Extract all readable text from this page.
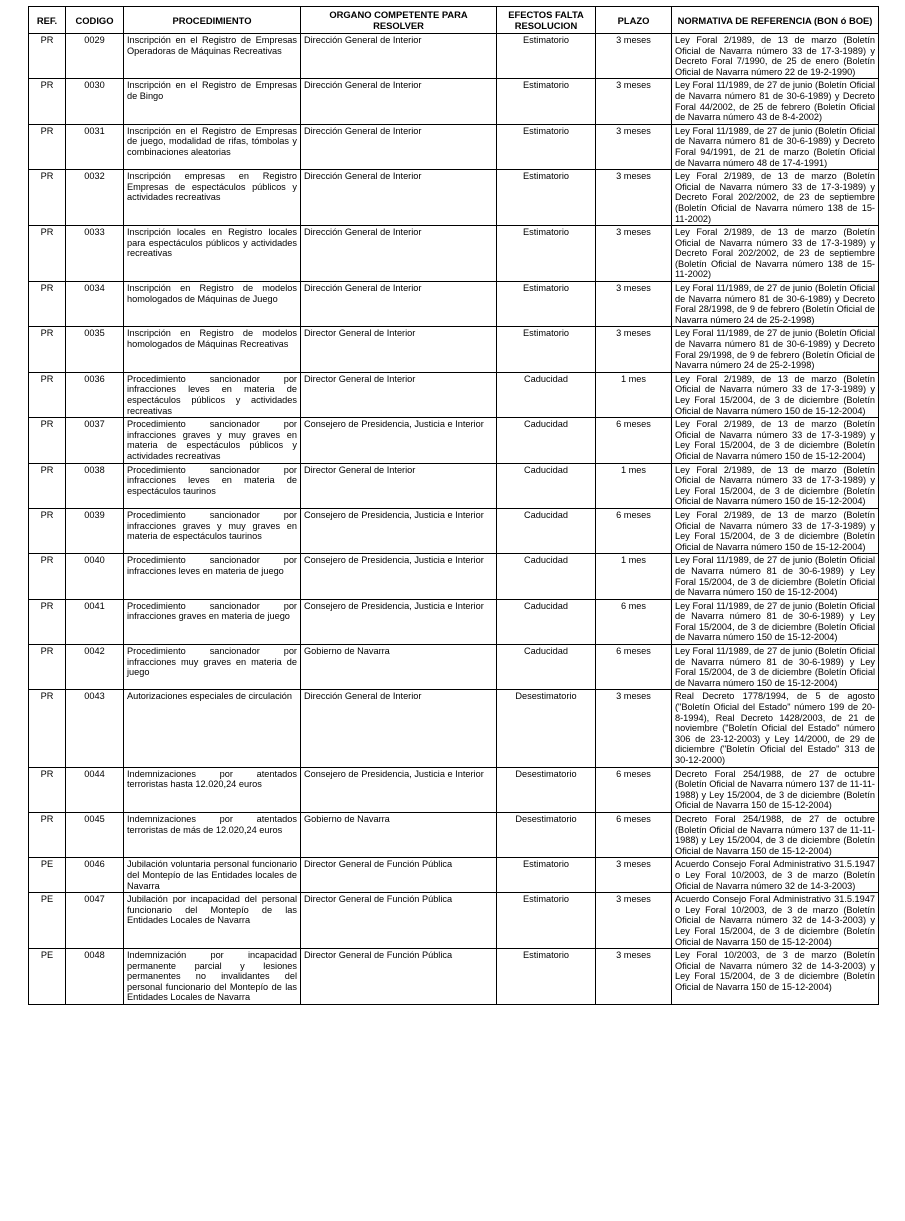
REF.	CODIGO	PROCEDIMIENTO	ORGANO COMPETENTE PARA RESOLVER	EFECTOS FALTA RESOLUCION	PLAZO	NORMATIVA DE REFERENCIA (BON ó BOE)
PR	0029	Inscripción en el Registro de Empresas Operadoras de Máquinas Recreativas	Dirección General de Interior	Estimatorio	3 meses	Ley Foral 2/1989, de 13 de marzo (Boletín Oficial de Navarra número 33 de 17-3-1989) y Decreto Foral 7/1990, de 25 de enero (Boletín Oficial de Navarra número 22 de 19-2-1990)
PR	0030	Inscripción en el Registro de Empresas de Bingo	Dirección General de Interior	Estimatorio	3 meses	Ley Foral 11/1989, de 27 de junio (Boletín Oficial de Navarra número 81 de 30-6-1989) y Decreto Foral 44/2002, de 25 de febrero (Boletín Oficial de Navarra número 43 de 8-4-2002)
PR	0031	Inscripción en el Registro de Empresas de juego, modalidad de rifas, tómbolas y combinaciones aleatorias	Dirección General de Interior	Estimatorio	3 meses	Ley Foral 11/1989, de 27 de junio (Boletín Oficial de Navarra número 81 de 30-6-1989) y Decreto Foral 94/1991, de 21 de marzo (Boletín Oficial de Navarra número 48 de 17-4-1991)
PR	0032	Inscripción empresas en Registro Empresas de espectáculos públicos y actividades recreativas	Dirección General de Interior	Estimatorio	3 meses	Ley Foral 2/1989, de 13 de marzo (Boletín Oficial de Navarra número 33 de 17-3-1989) y Decreto Foral 202/2002, de 23 de septiembre (Boletín Oficial de Navarra número 138 de 15-11-2002)
PR	0033	Inscripción locales en Registro locales para espectáculos públicos y actividades recreativas	Dirección General de Interior	Estimatorio	3 meses	Ley Foral 2/1989, de 13 de marzo (Boletín Oficial de Navarra número 33 de 17-3-1989) y Decreto Foral 202/2002, de 23 de septiembre (Boletín Oficial de Navarra número 138 de 15-11-2002)
PR	0034	Inscripción en Registro de modelos homologados de Máquinas de Juego	Dirección General de Interior	Estimatorio	3 meses	Ley Foral 11/1989, de 27 de junio (Boletín Oficial de Navarra número 81 de 30-6-1989) y Decreto Foral 28/1998, de 9 de febrero (Boletín Oficial de Navarra número 24 de 25-2-1998)
PR	0035	Inscripción en Registro de modelos homologados de Máquinas Recreativas	Director General de Interior	Estimatorio	3 meses	Ley Foral 11/1989, de 27 de junio (Boletín Oficial de Navarra número 81 de 30-6-1989) y Decreto Foral 29/1998, de 9 de febrero (Boletín Oficial de Navarra número 24 de 25-2-1998)
PR	0036	Procedimiento sancionador por infracciones leves en materia de espectáculos públicos y actividades recreativas	Director General de Interior	Caducidad	1 mes	Ley Foral 2/1989, de 13 de marzo (Boletín Oficial de Navarra número 33 de 17-3-1989) y Ley Foral 15/2004, de 3 de diciembre (Boletín Oficial de Navarra número 150 de 15-12-2004)
PR	0037	Procedimiento sancionador por infracciones graves y muy graves en materia de espectáculos públicos y actividades recreativas	Consejero de Presidencia, Justicia e Interior	Caducidad	6 meses	Ley Foral 2/1989, de 13 de marzo (Boletín Oficial de Navarra número 33 de 17-3-1989) y Ley Foral 15/2004, de 3 de diciembre (Boletín Oficial de Navarra número 150 de 15-12-2004)
PR	0038	Procedimiento sancionador por infracciones leves en materia de espectáculos taurinos	Director General de Interior	Caducidad	1 mes	Ley Foral 2/1989, de 13 de marzo (Boletín Oficial de Navarra número 33 de 17-3-1989) y Ley Foral 15/2004, de 3 de diciembre (Boletín Oficial de Navarra número 150 de 15-12-2004)
PR	0039	Procedimiento sancionador por infracciones graves y muy graves en materia de espectáculos taurinos	Consejero de Presidencia, Justicia e Interior	Caducidad	6 meses	Ley Foral 2/1989, de 13 de marzo (Boletín Oficial de Navarra número 33 de 17-3-1989) y Ley Foral 15/2004, de 3 de diciembre (Boletín Oficial de Navarra número 150 de 15-12-2004)
PR	0040	Procedimiento sancionador por infracciones leves en materia de juego	Consejero de Presidencia, Justicia e Interior	Caducidad	1 mes	Ley Foral 11/1989, de 27 de junio (Boletín Oficial de Navarra número 81 de 30-6-1989) y Ley Foral 15/2004, de 3 de diciembre (Boletín Oficial de Navarra número 150 de 15-12-2004)
PR	0041	Procedimiento sancionador por infracciones graves en materia de juego	Consejero de Presidencia, Justicia e Interior	Caducidad	6 mes	Ley Foral 11/1989, de 27 de junio (Boletín Oficial de Navarra número 81 de 30-6-1989) y Ley Foral 15/2004, de 3 de diciembre (Boletín Oficial de Navarra número 150 de 15-12-2004)
PR	0042	Procedimiento sancionador por infracciones muy graves en materia de juego	Gobierno de Navarra	Caducidad	6 meses	Ley Foral 11/1989, de 27 de junio (Boletín Oficial de Navarra número 81 de 30-6-1989) y Ley Foral 15/2004, de 3 de diciembre (Boletín Oficial de Navarra número 150 de 15-12-2004)
PR	0043	Autorizaciones especiales de circulación	Dirección General de Interior	Desestimatorio	3 meses	Real Decreto 1778/1994, de 5 de agosto ("Boletín Oficial del Estado" número 199 de 20-8-1994), Real Decreto 1428/2003, de 21 de noviembre ("Boletín Oficial del Estado" número 306 de 23-12-2003) y Ley 14/2000, de 29 de diciembre ("Boletín Oficial del Estado" 313 de 30-12-2000)
PR	0044	Indemnizaciones por atentados terroristas hasta 12.020,24 euros	Consejero de Presidencia, Justicia e Interior	Desestimatorio	6 meses	Decreto Foral 254/1988, de 27 de octubre (Boletín Oficial de Navarra número 137 de 11-11-1988) y Ley 15/2004, de 3 de diciembre (Boletín Oficial de Navarra 150 de 15-12-2004)
PR	0045	Indemnizaciones por atentados terroristas de más de 12.020,24 euros	Gobierno de Navarra	Desestimatorio	6 meses	Decreto Foral 254/1988, de 27 de octubre (Boletín Oficial de Navarra número 137 de 11-11-1988) y Ley 15/2004, de 3 de diciembre (Boletín Oficial de Navarra 150 de 15-12-2004)
PE	0046	Jubilación voluntaria personal funcionario del Montepío de las Entidades locales de Navarra	Director General de Función Pública	Estimatorio	3 meses	Acuerdo Consejo Foral Administrativo 31.5.1947 o Ley Foral 10/2003, de 3 de marzo (Boletín Oficial de Navarra número 32 de 14-3-2003)
PE	0047	Jubilación por incapacidad del personal funcionario del Montepío de las Entidades Locales de Navarra	Director General de Función Pública	Estimatorio	3 meses	Acuerdo Consejo Foral Administrativo 31.5.1947 o Ley Foral 10/2003, de 3 de marzo (Boletín Oficial de Navarra número 32 de 14-3-2003) y Ley Foral 15/2004, de 3 de diciembre (Boletín Oficial de Navarra 150 de 15-12-2004)
PE	0048	Indemnización por incapacidad permanente parcial y lesiones permanentes no invalidantes del personal funcionario del Montepío de las Entidades Locales de Navarra	Director General de Función Pública	Estimatorio	3 meses	Ley Foral 10/2003, de 3 de marzo (Boletín Oficial de Navarra número 32 de 14-3-2003) y Ley Foral 15/2004, de 3 de diciembre (Boletín Oficial de Navarra 150 de 15-12-2004)
